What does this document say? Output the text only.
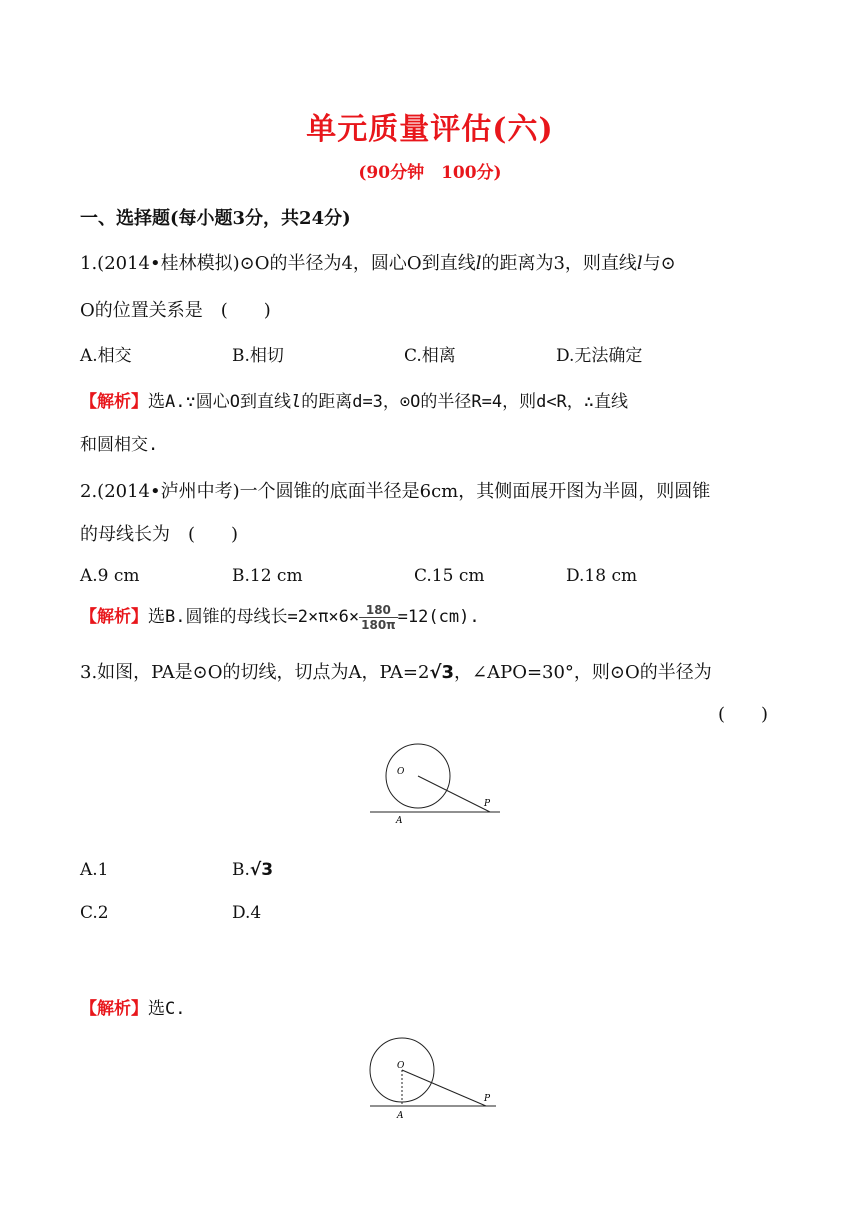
单元质量评估(六)
(90分钟　100分)
一、选择题(每小题3分，共24分)
1.(2014•桂林模拟)⊙O的半径为4，圆心O到直线l的距离为3，则直线l与⊙
O的位置关系是　(　　)
A.相交	B.相切	C.相离	D.无法确定
【解析】选A.∵圆心O到直线l的距离d=3，⊙O的半径R=4，则d<R，∴直线
和圆相交.
2.(2014•泸州中考)一个圆锥的底面半径是6cm，其侧面展开图为半圆，则圆锥
的母线长为　(　　)
A.9 cm	B.12 cm	C.15 cm	D.18 cm
【解析】选B.圆锥的母线长$=2\times\pi\times 6\times \frac{180}{180\pi} =12(cm)$.
3.如图，PA是⊙O的切线，切点为A，PA=2√3，∠APO=30°，则⊙O的半径为
(　　)
O
A
P
A.1	B.√3
C.2	D.4
【解析】选C.
O
A
P
